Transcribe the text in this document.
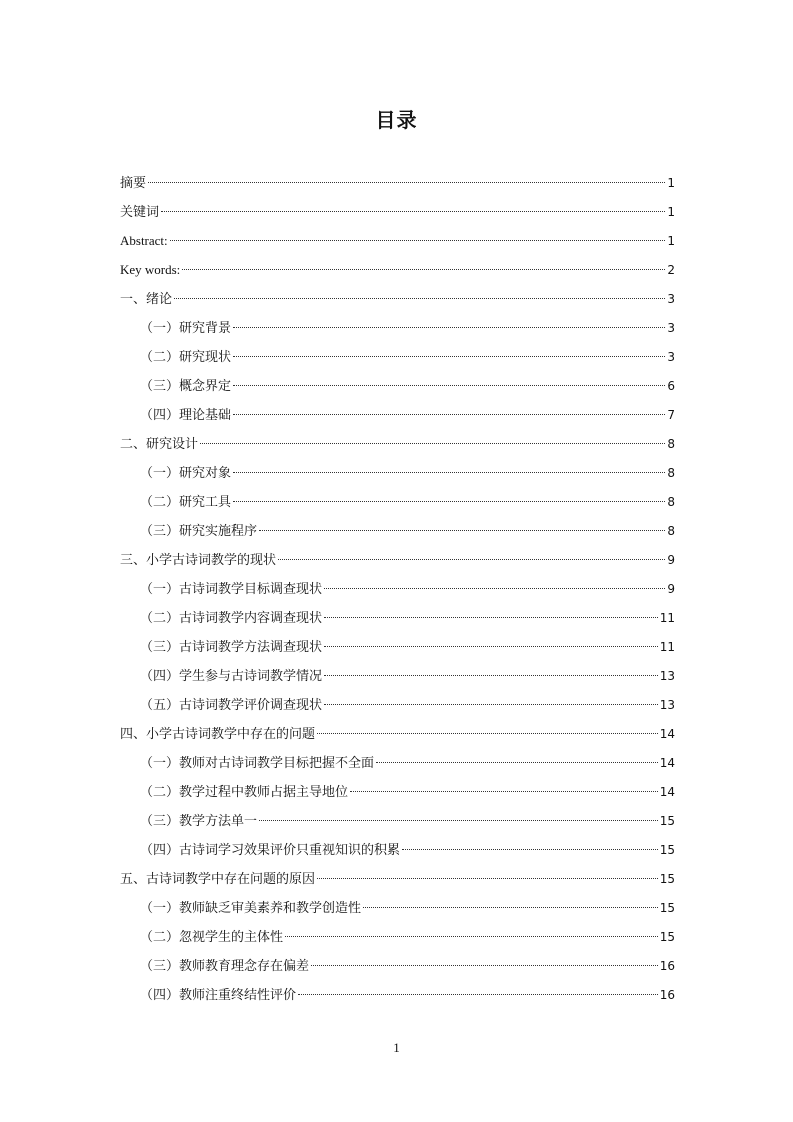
目录
摘要	1
关键词	1
Abstract:	1
Key words:	2
一、绪论	3
（一）研究背景	3
（二）研究现状	3
（三）概念界定	6
（四）理论基础	7
二、研究设计	8
（一）研究对象	8
（二）研究工具	8
（三）研究实施程序	8
三、小学古诗词教学的现状	9
（一）古诗词教学目标调查现状	9
（二）古诗词教学内容调查现状	11
（三）古诗词教学方法调查现状	11
（四）学生参与古诗词教学情况	13
（五）古诗词教学评价调查现状	13
四、小学古诗词教学中存在的问题	14
（一）教师对古诗词教学目标把握不全面	14
（二）教学过程中教师占据主导地位	14
（三）教学方法单一	15
（四）古诗词学习效果评价只重视知识的积累	15
五、古诗词教学中存在问题的原因	15
（一）教师缺乏审美素养和教学创造性	15
（二）忽视学生的主体性	15
（三）教师教育理念存在偏差	16
（四）教师注重终结性评价	16
1
